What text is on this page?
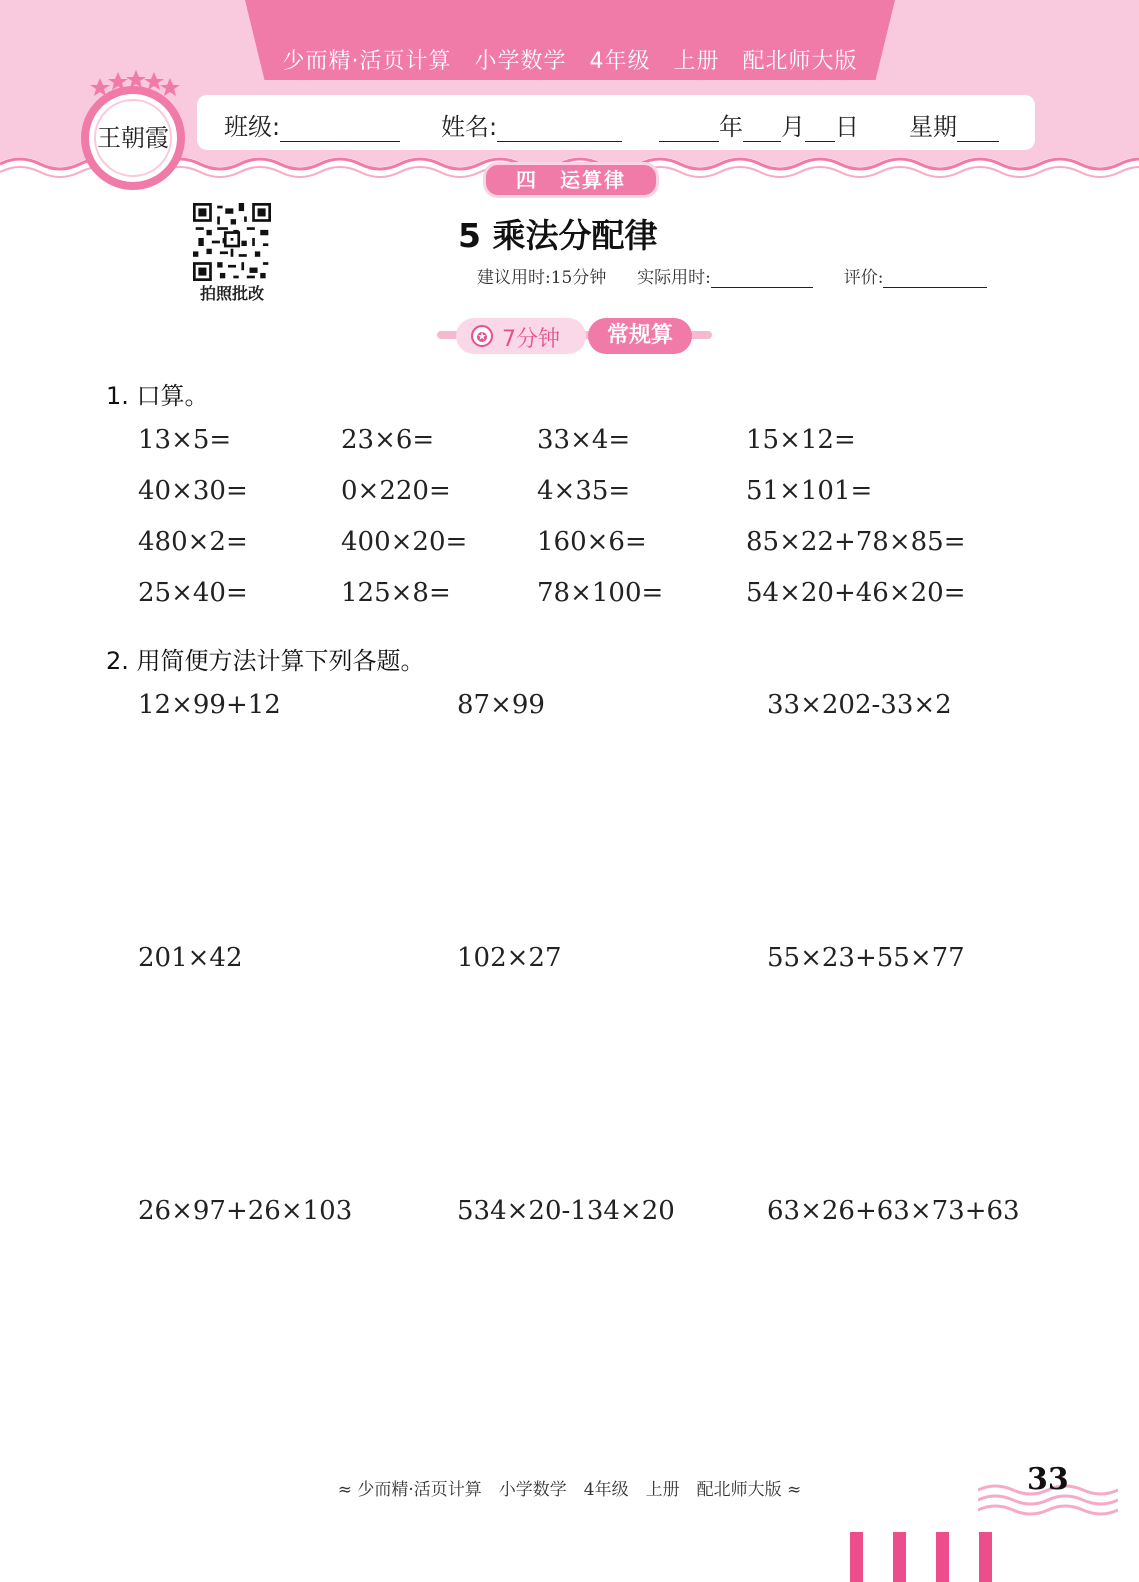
少而精·活页计算　小学数学　4年级　上册　配北师大版
王朝霞 班级:	姓名:	年 月 日 星期
四　运算律
拍照批改
5 乘法分配律
建议用时:15分钟 实际用时:	评价:
7分钟	常规算
1. 口算。
13×5=	23×6=	33×4=	15×12=
40×30=	0×220=	4×35=	51×101=
480×2=	400×20=	160×6=	85×22+78×85=
25×40=	125×8=	78×100=	54×20+46×20=
2. 用简便方法计算下列各题。
12×99+12	87×99	33×202-33×2
201×42	102×27	55×23+55×77
26×97+26×103	534×20-134×20	63×26+63×73+63
≈ 少而精·活页计算　小学数学　4年级　上册　配北师大版 ≈	33
